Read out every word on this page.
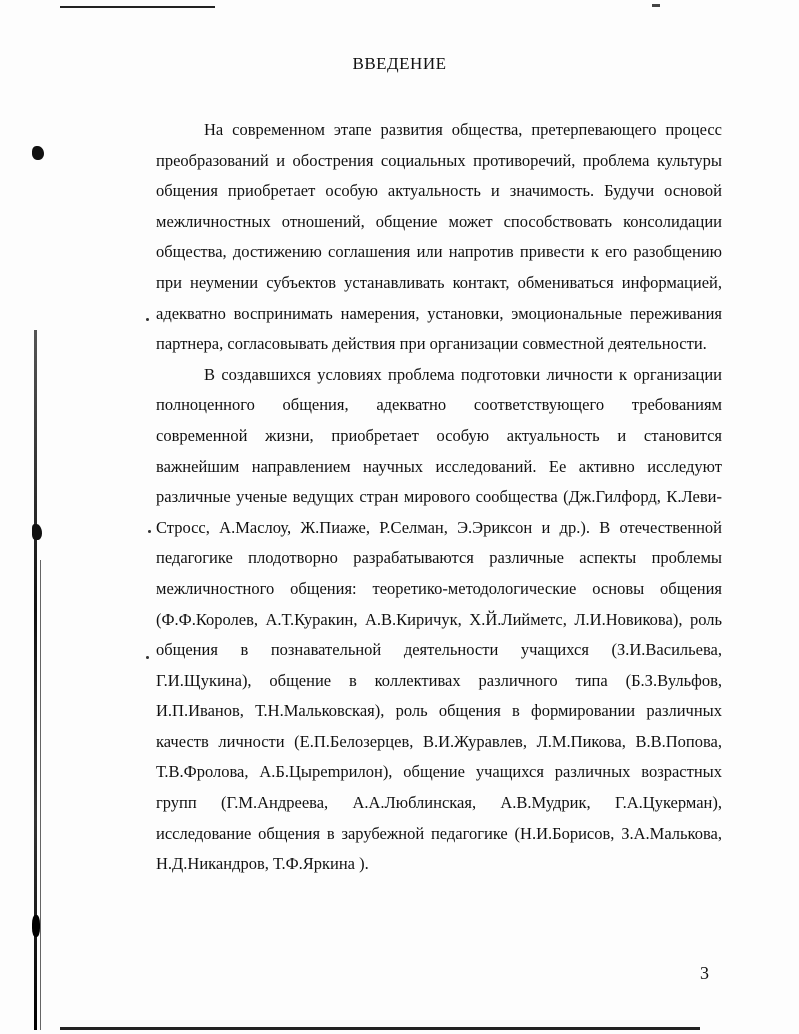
ВВЕДЕНИЕ

На современном этапе развития общества, претерпевающего процесс преобразований и обострения социальных противоречий, проблема культуры общения приобретает особую актуальность и значимость. Будучи основой межличностных отношений, общение может способствовать консолидации общества, достижению соглашения или напротив привести к его разобщению при неумении субъектов устанавливать контакт, обмениваться информацией, адекватно воспринимать намерения, установки, эмоциональные переживания партнера, согласовывать действия при организации совместной деятельности.

В создавшихся условиях проблема подготовки личности к организации полноценного общения, адекватно соответствующего требованиям современной жизни, приобретает особую актуальность и становится важнейшим направлением научных исследований. Ее активно исследуют различные ученые ведущих стран мирового сообщества (Дж.Гилфорд, К.Леви-Стросс, А.Маслоу, Ж.Пиаже, Р.Селман, Э.Эриксон и др.). В отечественной педагогике плодотворно разрабатываются различные аспекты проблемы межличностного общения: теоретико-методологические основы общения (Ф.Ф.Королев, А.Т.Куракин, А.В.Киричук, Х.Й.Лийметс, Л.И.Новикова), роль общения в познавательной деятельности учащихся (З.И.Васильева, Г.И.Щукина), общение в коллективах различного типа (Б.З.Вульфов, И.П.Иванов, Т.Н.Мальковская), роль общения в формировании различных качеств личности (Е.П.Белозерцев, В.И.Журавлев, Л.М.Пикова, В.В.Попова, Т.В.Фролова, А.Б.Цырempилон), общение учащихся различных возрастных групп (Г.М.Андреева, А.А.Люблинская, А.В.Мудрик, Г.А.Цукерман), исследование общения в зарубежной педагогике (Н.И.Борисов, З.А.Малькова, Н.Д.Никандров, Т.Ф.Яркина ).

3
